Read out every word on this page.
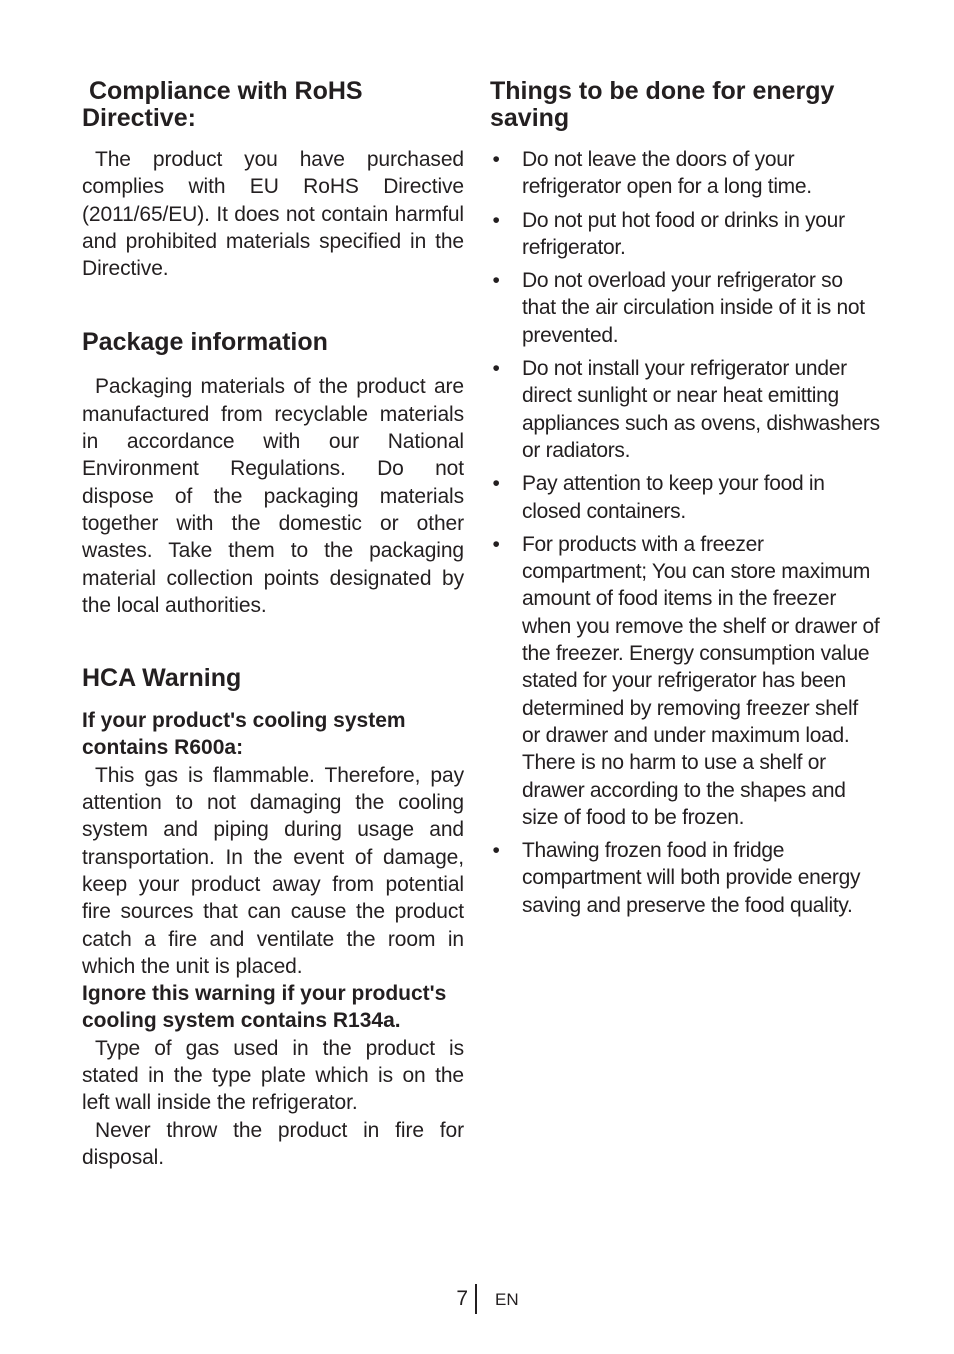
Compliance with RoHS Directive:

The product you have purchased complies with EU RoHS Directive (2011/65/EU). It does not contain harmful and prohibited materials specified in the Directive.

Package information

Packaging materials of the product are manufactured from recyclable materials in accordance with our National Environment Regulations. Do not dispose of the packaging materials together with the domestic or other wastes. Take them to the packaging material collection points designated by the local authorities.

HCA Warning

If your product's cooling system contains R600a:

This gas is flammable. Therefore, pay attention to not damaging the cooling system and piping during usage and transportation. In the event of damage, keep your product away from potential fire sources that can cause the product catch a fire and ventilate the room in which the unit is placed.

Ignore this warning if your product's cooling system contains R134a.

Type of gas used in the product is stated in the type plate which is on the left wall inside the refrigerator.

Never throw the product in fire for disposal.

Things to be done for energy saving
• Do not leave the doors of your refrigerator open for a long time.
• Do not put hot food or drinks in your refrigerator.
• Do not overload your refrigerator so that the air circulation inside of it is not prevented.
• Do not install your refrigerator under direct sunlight or near heat emitting appliances such as ovens, dishwashers or radiators.
• Pay attention to keep your food in closed containers.
• For products with a freezer compartment; You can store maximum amount of food items in the freezer when you remove the shelf or drawer of the freezer. Energy consumption value stated for your refrigerator has been determined by removing freezer shelf or drawer and under maximum load. There is no harm to use a shelf or drawer according to the shapes and size of food to be frozen.
• Thawing frozen food in fridge compartment will both provide energy saving and preserve the food quality.
7 EN
